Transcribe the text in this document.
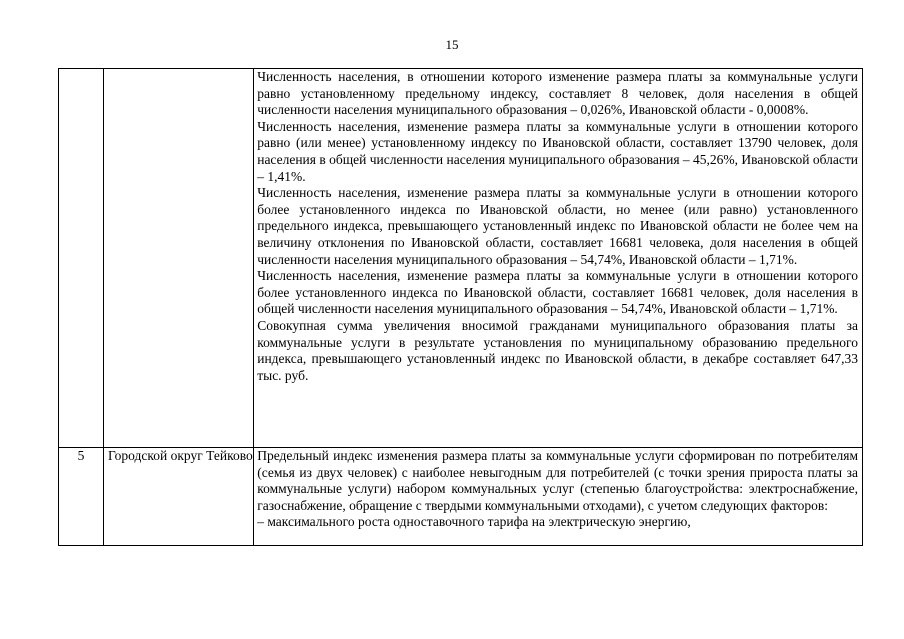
15

		Численность населения, в отношении которого изменение размера платы за коммунальные услуги равно установленному предельному индексу, составляет 8 человек, доля населения в общей численности населения муниципального образования – 0,026%, Ивановской области - 0,0008%.

Численность населения, изменение размера платы за коммунальные услуги в отношении которого равно (или менее) установленному индексу по Ивановской области, составляет 13790 человек, доля населения в общей численности населения муниципального образования – 45,26%, Ивановской области – 1,41%.

Численность населения, изменение размера платы за коммунальные услуги в отношении которого более установленного индекса по Ивановской области, но менее (или равно) установленного предельного индекса, превышающего установленный индекс по Ивановской области не более чем на величину отклонения по Ивановской области, составляет 16681 человека, доля населения в общей численности населения муниципального образования – 54,74%, Ивановской области – 1,71%.

Численность населения, изменение размера платы за коммунальные услуги в отношении которого более установленного индекса по Ивановской области, составляет 16681 человек, доля населения в общей численности населения муниципального образования – 54,74%, Ивановской области – 1,71%.

Совокупная сумма увеличения вносимой гражданами муниципального образования платы за коммунальные услуги в результате установления по муниципальному образованию предельного индекса, превышающего установленный индекс по Ивановской области, в декабре составляет 647,33 тыс. руб.

5	Городской округ Тейково	Предельный индекс изменения размера платы за коммунальные услуги сформирован по потребителям (семья из двух человек) с наиболее невыгодным для потребителей (с точки зрения прироста платы за коммунальные услуги) набором коммунальных услуг (степенью благоустройства: электроснабжение, газоснабжение, обращение с твердыми коммунальными отходами), с учетом следующих факторов:

– максимального роста одноставочного тарифа на электрическую энергию,
